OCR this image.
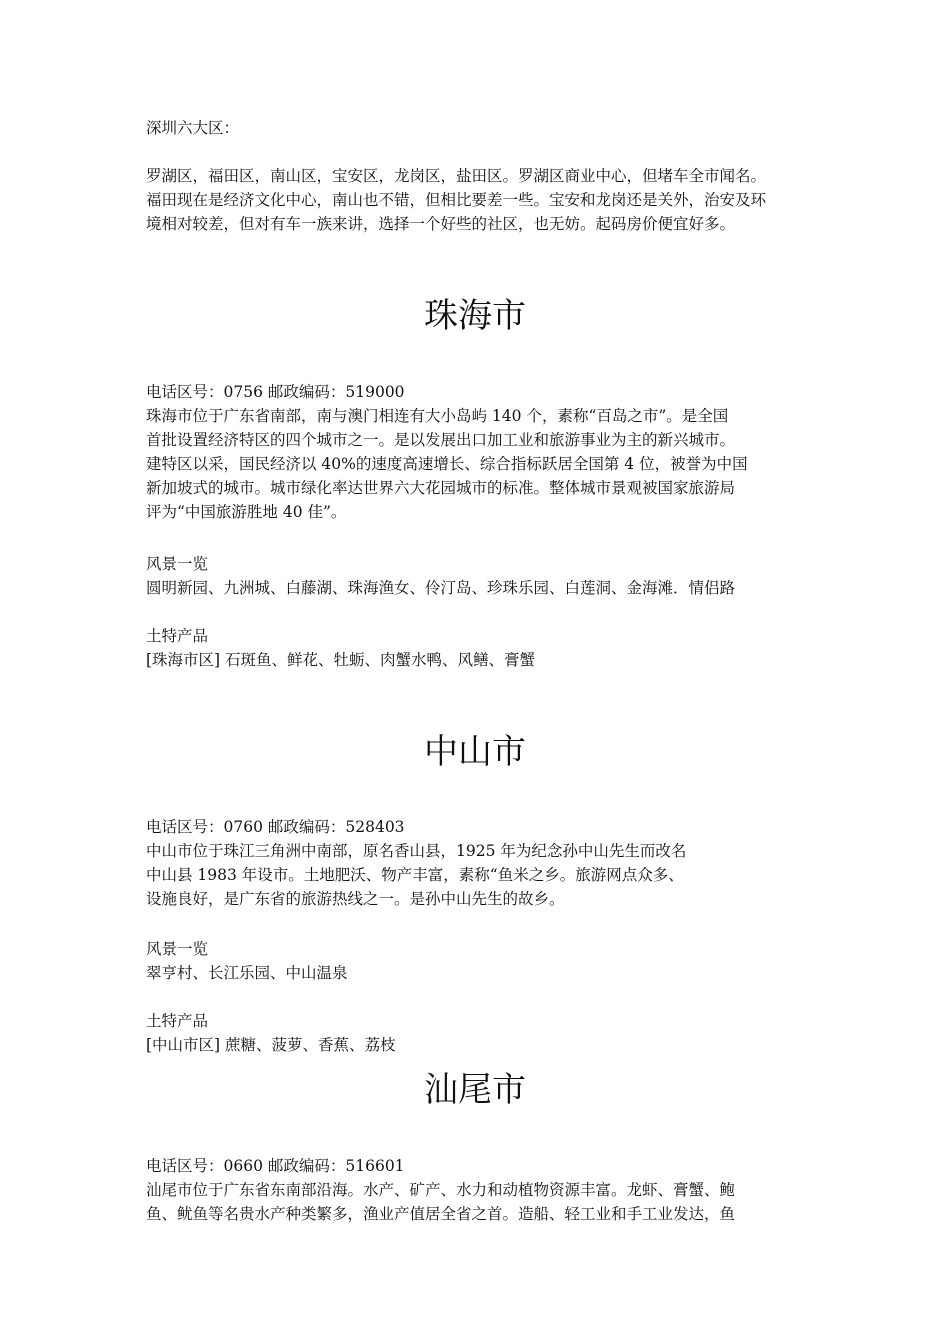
深圳六大区：

罗湖区，福田区，南山区，宝安区，龙岗区，盐田区。罗湖区商业中心，但堵车全市闻名。

福田现在是经济文化中心，南山也不错，但相比要差一些。宝安和龙岗还是关外，治安及环

境相对较差，但对有车一族来讲，选择一个好些的社区，也无妨。起码房价便宜好多。

珠海市

电话区号：0756 邮政编码：519000

珠海市位于广东省南部，南与澳门相连有大小岛屿 140 个，素称“百岛之市”。是全国

首批设置经济特区的四个城市之一。是以发展出口加工业和旅游事业为主的新兴城市。

建特区以采，国民经济以 40%的速度高速增长、综合指标跃居全国第 4 位，被誉为中国

新加坡式的城市。城市绿化率达世界六大花园城市的标准。整体城市景观被国家旅游局

评为“中国旅游胜地 40 佳”。

风景一览

圆明新园、九洲城、白藤湖、珠海渔女、伶汀岛、珍珠乐园、白莲洞、金海滩．情侣路

土特产品

[珠海市区] 石斑鱼、鲜花、牡蛎、肉蟹水鸭、风鳝、膏蟹

中山市

电话区号：0760 邮政编码：528403

中山市位于珠江三角洲中南部，原名香山县，1925 年为纪念孙中山先生而改名

中山县 1983 年设市。土地肥沃、物产丰富，素称“鱼米之乡。旅游网点众多、

设施良好，是广东省的旅游热线之一。是孙中山先生的故乡。

风景一览

翠亨村、长江乐园、中山温泉

土特产品

[中山市区] 蔗糖、菠萝、香蕉、荔枝

汕尾市

电话区号：0660 邮政编码：516601

汕尾市位于广东省东南部沿海。水产、矿产、水力和动植物资源丰富。龙虾、膏蟹、鲍

鱼、鱿鱼等名贵水产种类繁多，渔业产值居全省之首。造船、轻工业和手工业发达，鱼
